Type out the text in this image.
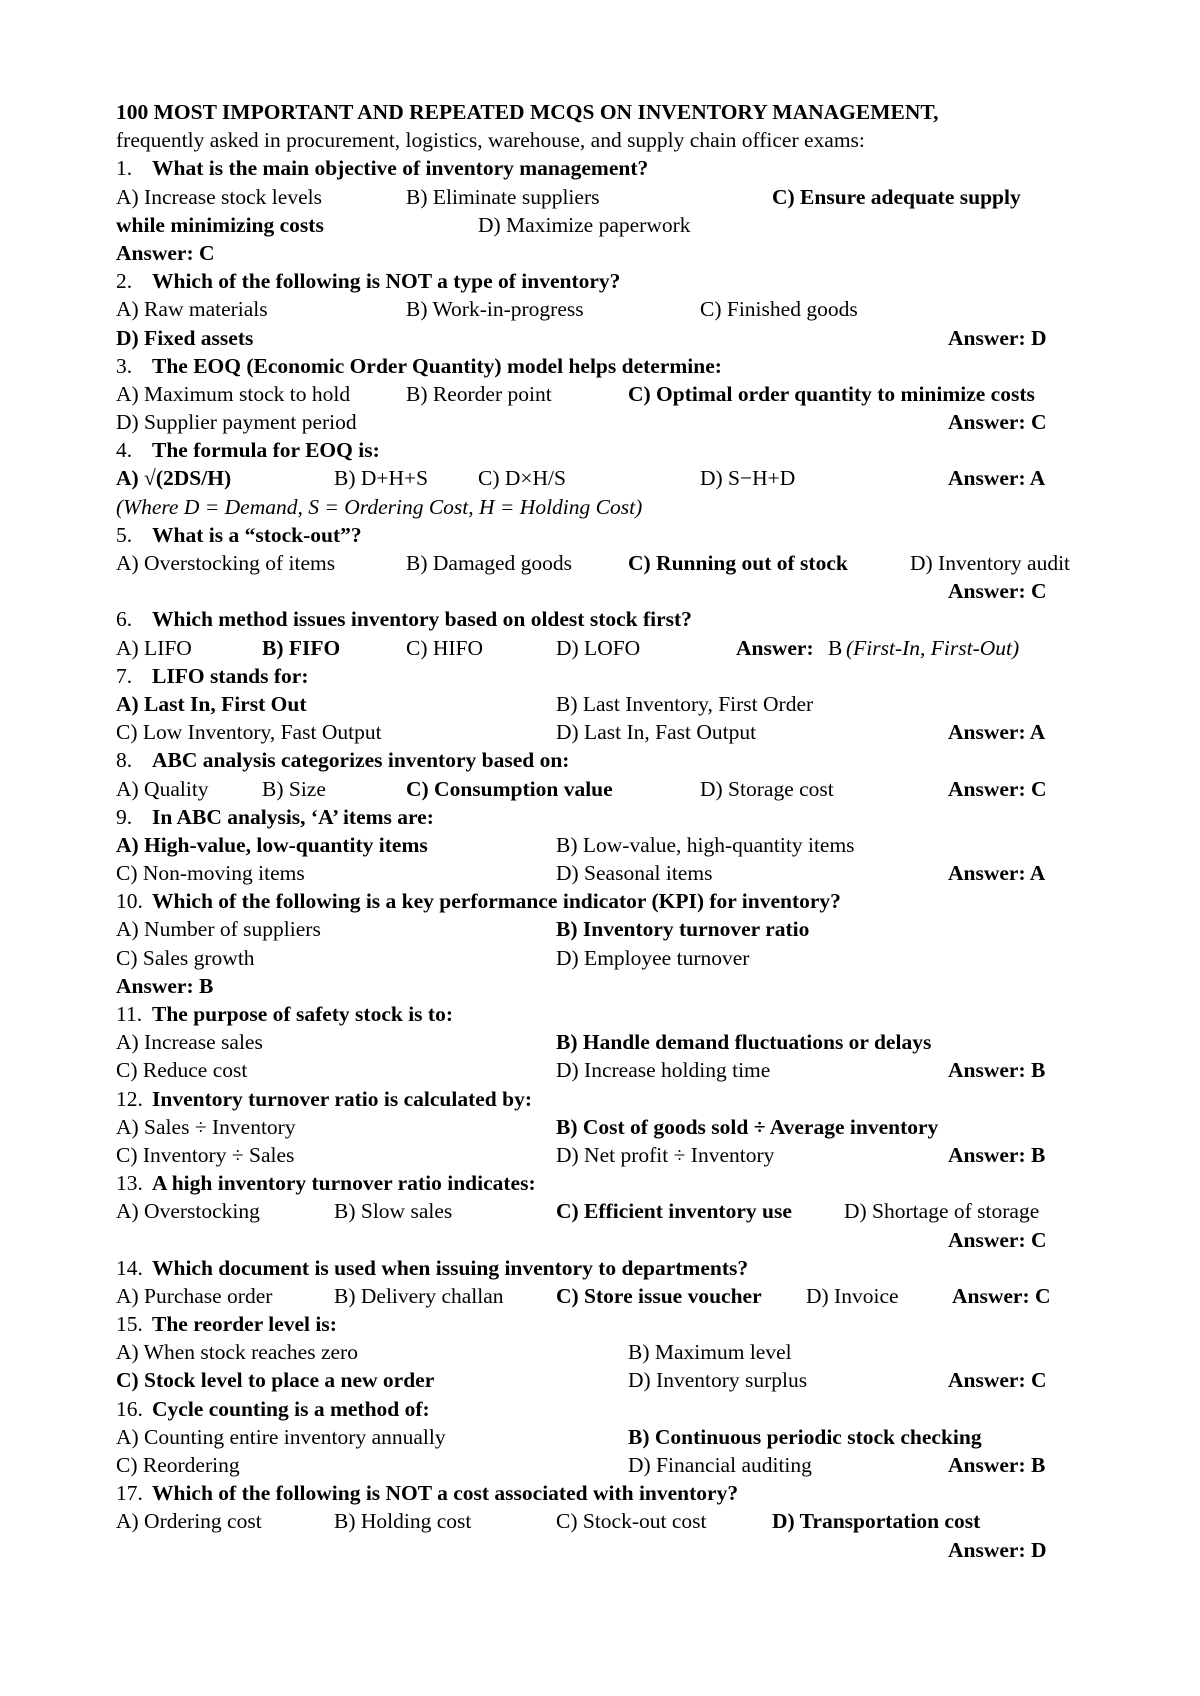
100 MOST IMPORTANT AND REPEATED MCQS ON INVENTORY MANAGEMENT,
frequently asked in procurement, logistics, warehouse, and supply chain officer exams:
1. What is the main objective of inventory management?
A) Increase stock levels	B) Eliminate suppliers	C) Ensure adequate supply
while minimizing costs	D) Maximize paperwork
Answer: C
2. Which of the following is NOT a type of inventory?
A) Raw materials	B) Work-in-progress	C) Finished goods
D) Fixed assets	Answer: D
3. The EOQ (Economic Order Quantity) model helps determine:
A) Maximum stock to hold	B) Reorder point	C) Optimal order quantity to minimize costs
D) Supplier payment period	Answer: C
4. The formula for EOQ is:
A) √(2DS/H)	B) D+H+S C) D×H/S	D) S−H+D	Answer: A
(Where D = Demand, S = Ordering Cost, H = Holding Cost)
5. What is a “stock-out”?
A) Overstocking of items	B) Damaged goods	C) Running out of stock	D) Inventory audit
Answer: C
6. Which method issues inventory based on oldest stock first?
A) LIFO	B) FIFO	C) HIFO	D) LOFO	Answer: B (First-In, First-Out)
7. LIFO stands for:
A) Last In, First Out	B) Last Inventory, First Order
C) Low Inventory, Fast Output	D) Last In, Fast Output	Answer: A
8. ABC analysis categorizes inventory based on:
A) Quality B) Size	C) Consumption value	D) Storage cost	Answer: C
9. In ABC analysis, ‘A’ items are:
A) High-value, low-quantity items	B) Low-value, high-quantity items
C) Non-moving items	D) Seasonal items	Answer: A
10. Which of the following is a key performance indicator (KPI) for inventory?
A) Number of suppliers	B) Inventory turnover ratio
C) Sales growth	D) Employee turnover
Answer: B
11. The purpose of safety stock is to:
A) Increase sales	B) Handle demand fluctuations or delays
C) Reduce cost	D) Increase holding time	Answer: B
12. Inventory turnover ratio is calculated by:
A) Sales ÷ Inventory	B) Cost of goods sold ÷ Average inventory
C) Inventory ÷ Sales	D) Net profit ÷ Inventory	Answer: B
13. A high inventory turnover ratio indicates:
A) Overstocking	B) Slow sales	C) Efficient inventory use D) Shortage of storage
Answer: C
14. Which document is used when issuing inventory to departments?
A) Purchase order	B) Delivery challan C) Store issue voucher D) Invoice Answer: C
15. The reorder level is:
A) When stock reaches zero	B) Maximum level
C) Stock level to place a new order	D) Inventory surplus	Answer: C
16. Cycle counting is a method of:
A) Counting entire inventory annually	B) Continuous periodic stock checking
C) Reordering	D) Financial auditing	Answer: B
17. Which of the following is NOT a cost associated with inventory?
A) Ordering cost	B) Holding cost	C) Stock-out cost	D) Transportation cost
Answer: D
